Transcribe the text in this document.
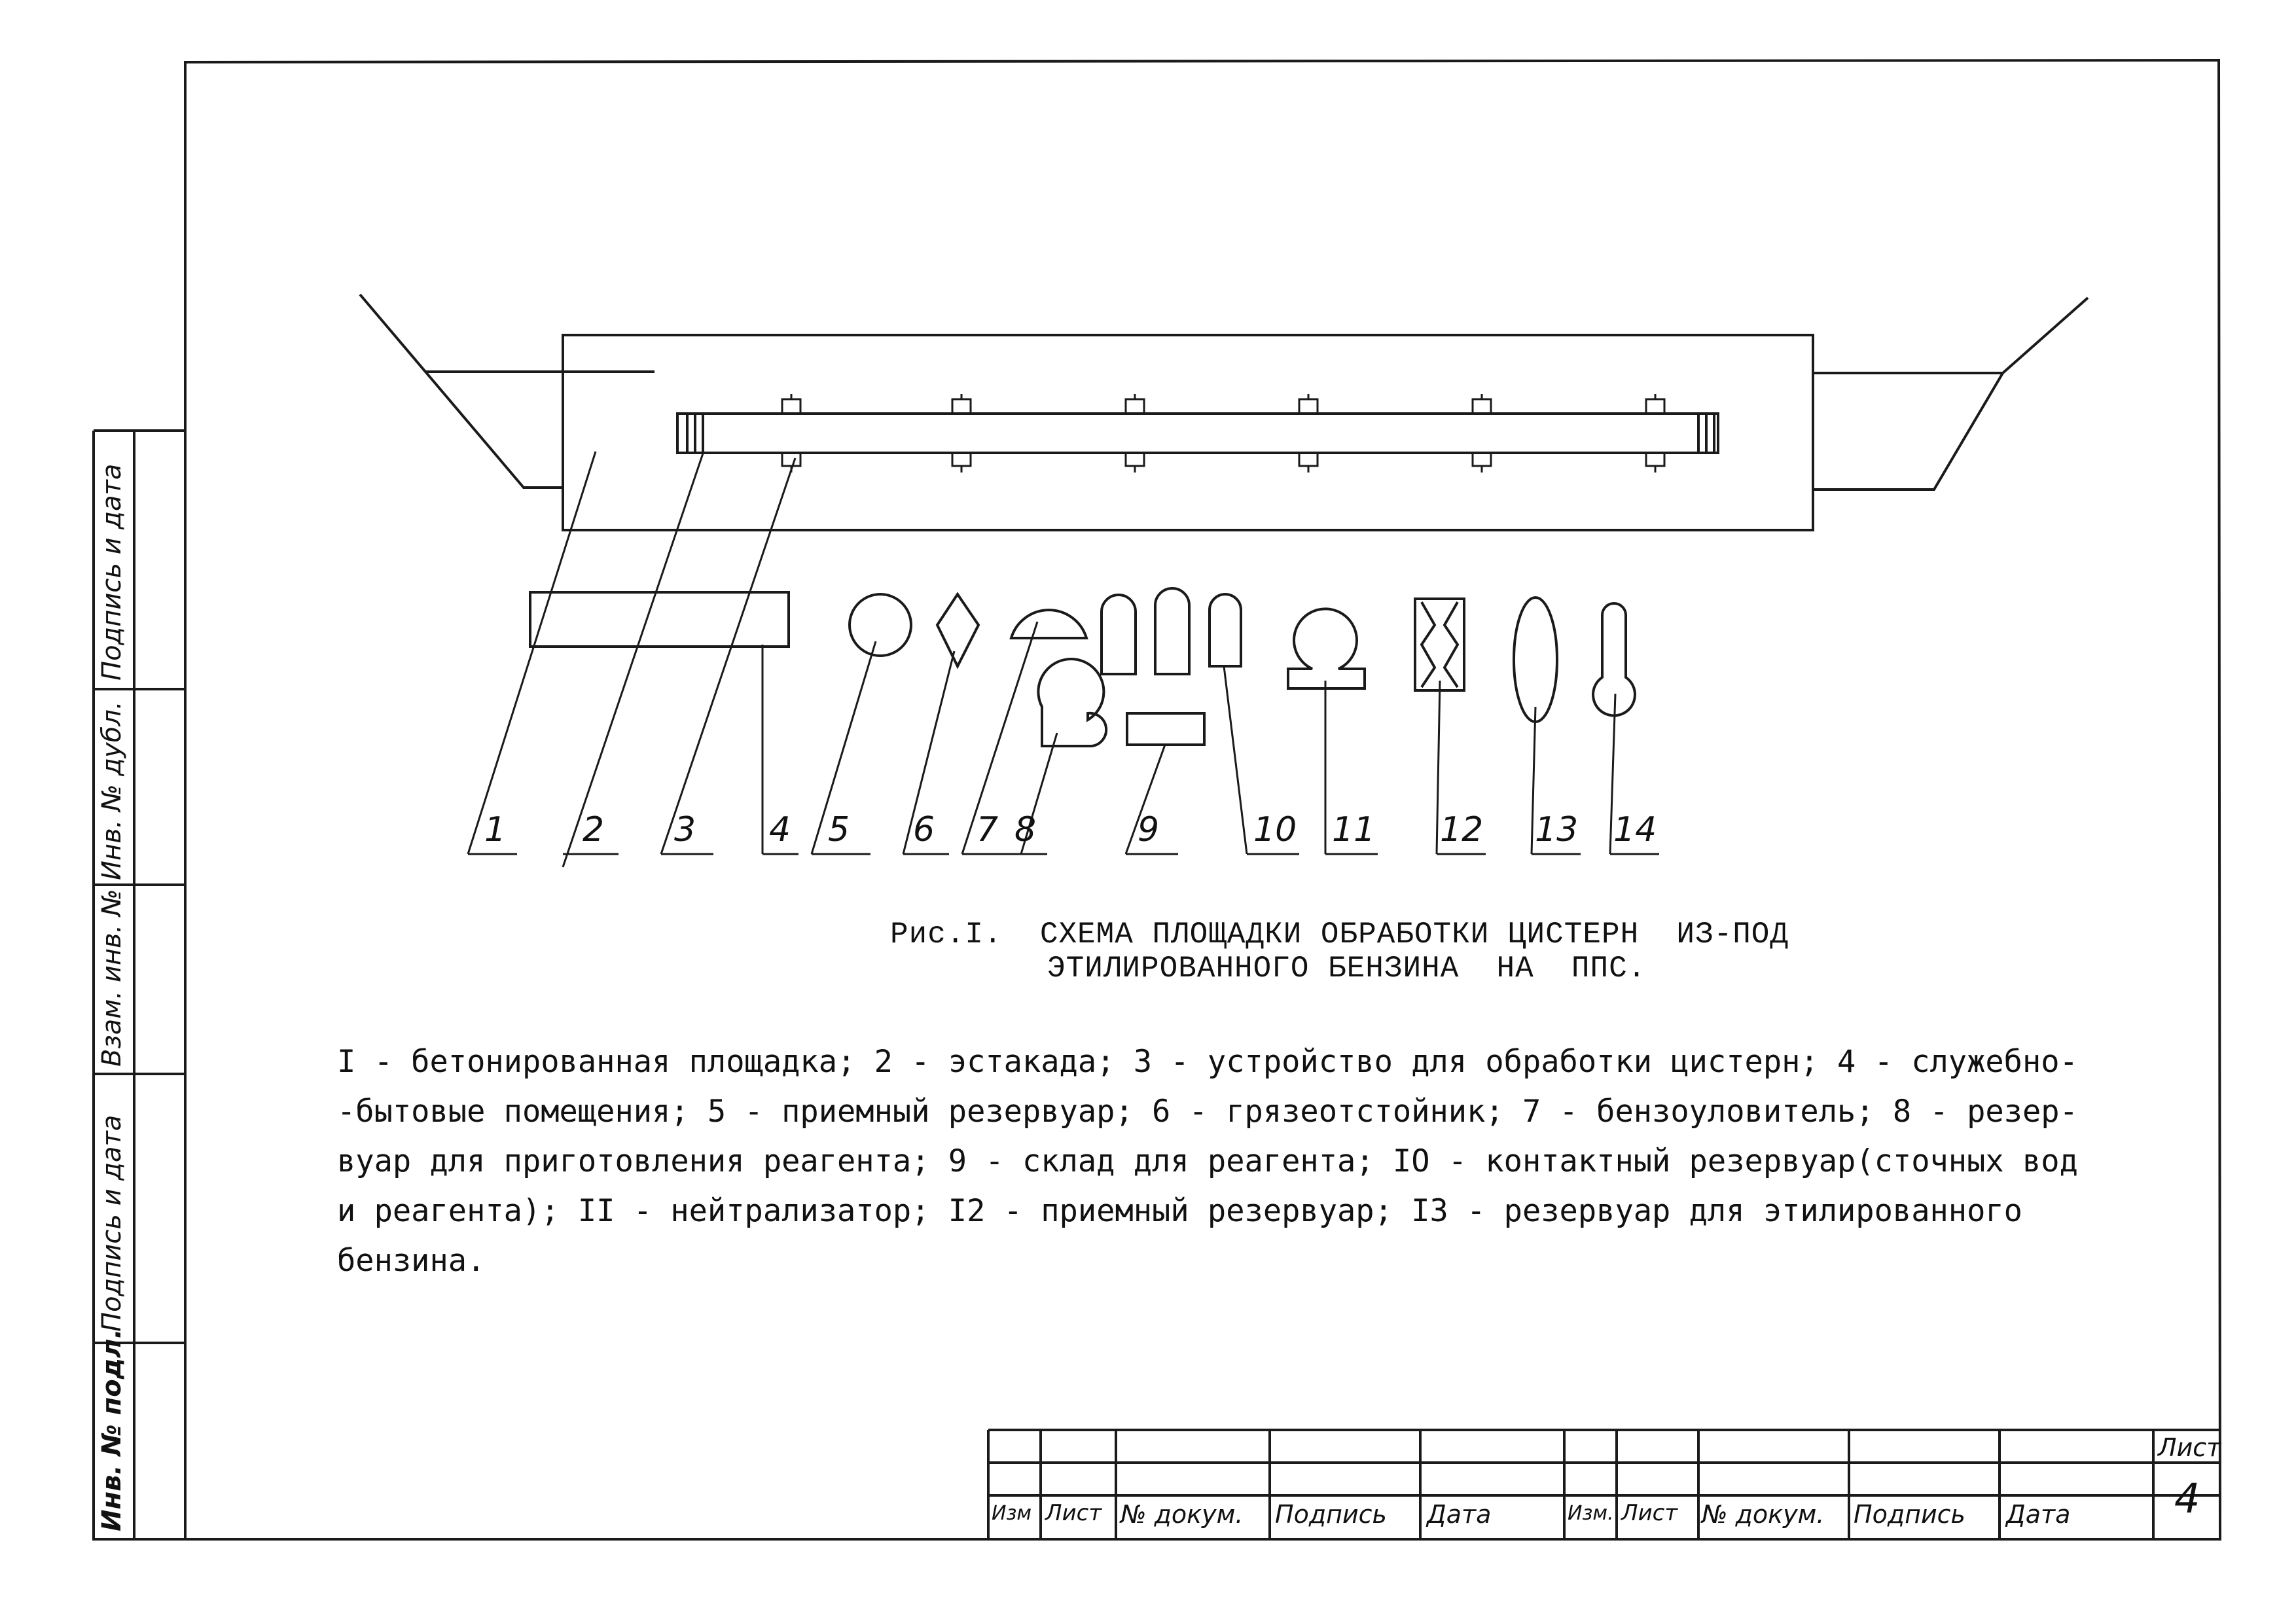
1 2 3 4 5 6 7 8	9	10 11 12 13 14
Рис.I.  СХЕМА ПЛОЩАДКИ ОБРАБОТКИ ЦИСТЕРН  ИЗ-ПОД
ЭТИЛИРОВАННОГО БЕНЗИНА  НА  ППС.

I - бетонированная площадка; 2 - эстакада; 3 - устройство для обработки цистерн; 4 - служебно-

-бытовые помещения; 5 - приемный резервуар; 6 - грязеотстойник; 7 - бензоуловитель; 8 - резер-

вуар для приготовления реагента; 9 - склад для реагента; IO - контактный резервуар(сточных вод

и реагента); II - нейтрализатор; I2 - приемный резервуар; I3 - резервуар для этилированного

бензина.

Инв. № подл.
Подпись и дата
Взам. инв. №
Инв. № дубл.
Подпись и дата
Изм Лист № докум. Подпись Дата	Изм. Лист № докум. Подпись Дата
Лист
4
